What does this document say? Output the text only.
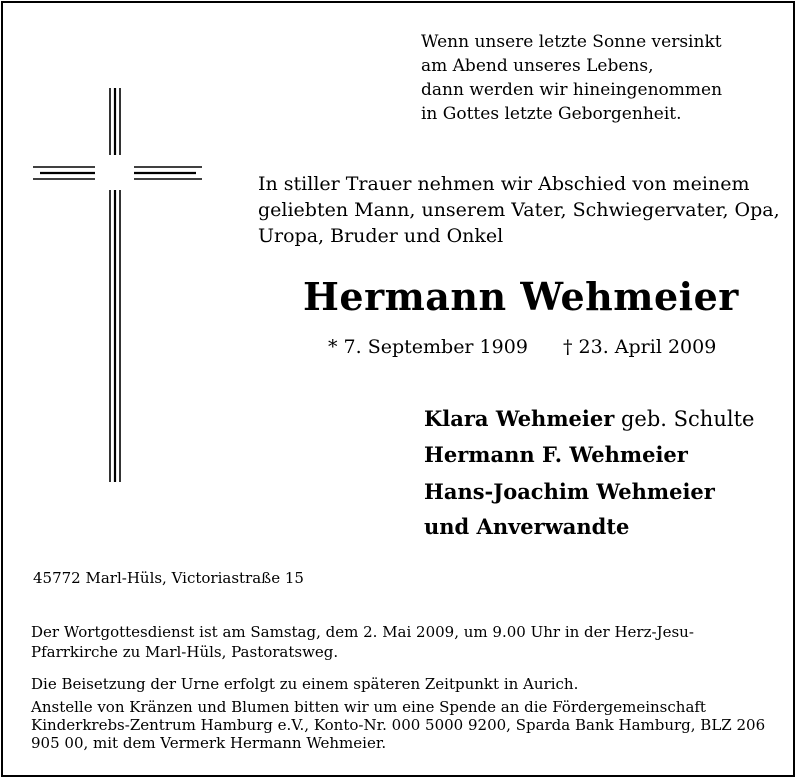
Wenn unsere letzte Sonne versinkt
am Abend unseres Lebens,
dann werden wir hineingenommen
in Gottes letzte Geborgenheit.
In stiller Trauer nehmen wir Abschied von meinem
geliebten Mann, unserem Vater, Schwiegervater, Opa,
Uropa, Bruder und Onkel
Hermann Wehmeier
* 7. September 1909 † 23. April 2009
Klara Wehmeier geb. Schulte
Hermann F. Wehmeier
Hans-Joachim Wehmeier
und Anverwandte
45772 Marl-Hüls, Victoriastraße 15
Der Wortgottesdienst ist am Samstag, dem 2. Mai 2009, um 9.00 Uhr in der Herz-Jesu-Pfarrkirche zu Marl-Hüls, Pastoratsweg.
Die Beisetzung der Urne erfolgt zu einem späteren Zeitpunkt in Aurich.
Anstelle von Kränzen und Blumen bitten wir um eine Spende an die Fördergemeinschaft Kinderkrebs-Zentrum Hamburg e.V., Konto-Nr. 000 5000 9200, Sparda Bank Hamburg, BLZ 206 905 00, mit dem Vermerk Hermann Wehmeier.
